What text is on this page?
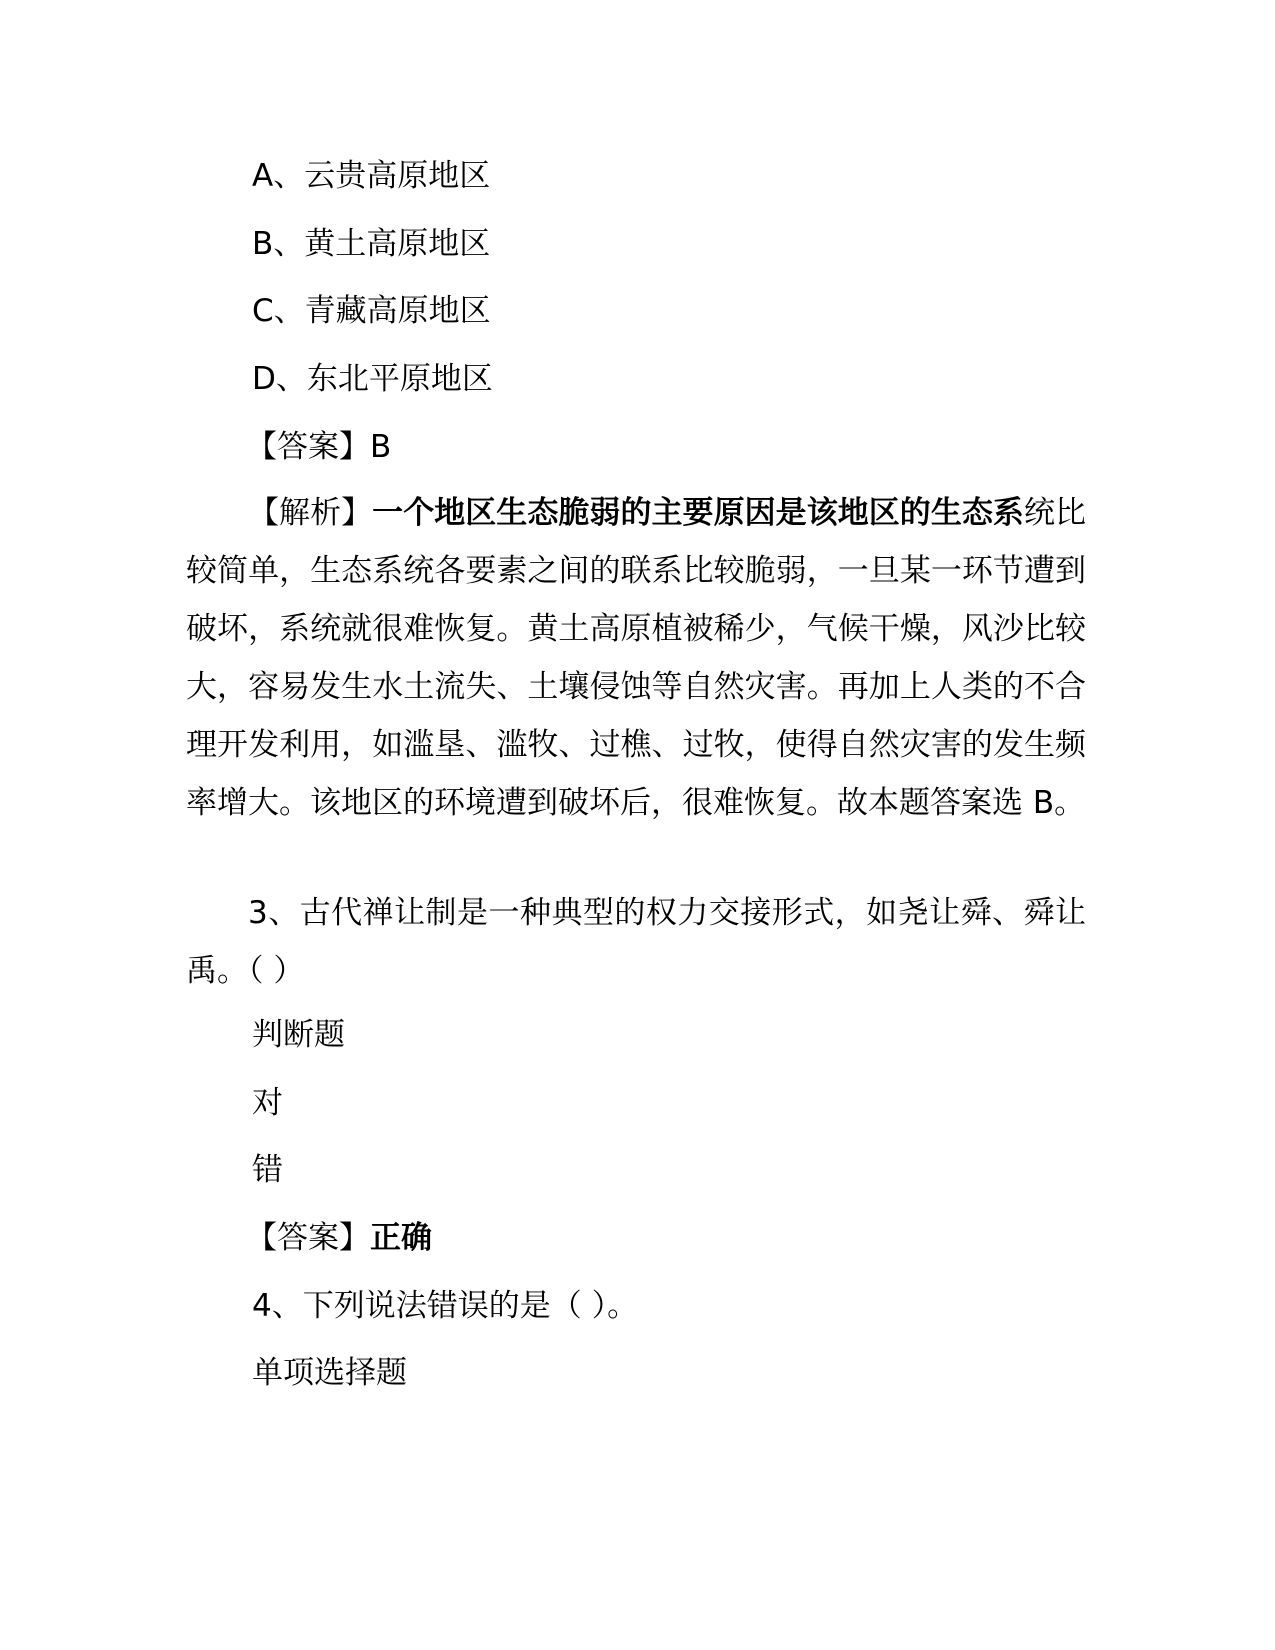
A、云贵高原地区
B、黄土高原地区
C、青藏高原地区
D、东北平原地区
【答案】B
【解析】一个地区生态脆弱的主要原因是该地区的生态系统比较简单，生态系统各要素之间的联系比较脆弱，一旦某一环节遭到破坏，系统就很难恢复。黄土高原植被稀少，气候干燥，风沙比较大，容易发生水土流失、土壤侵蚀等自然灾害。再加上人类的不合理开发利用，如滥垦、滥牧、过樵、过牧，使得自然灾害的发生频率增大。该地区的环境遭到破坏后，很难恢复。故本题答案选 B。
3、古代禅让制是一种典型的权力交接形式，如尧让舜、舜让禹。（ ）
判断题
对
错
【答案】正确
4、下列说法错误的是（ ）。
单项选择题
